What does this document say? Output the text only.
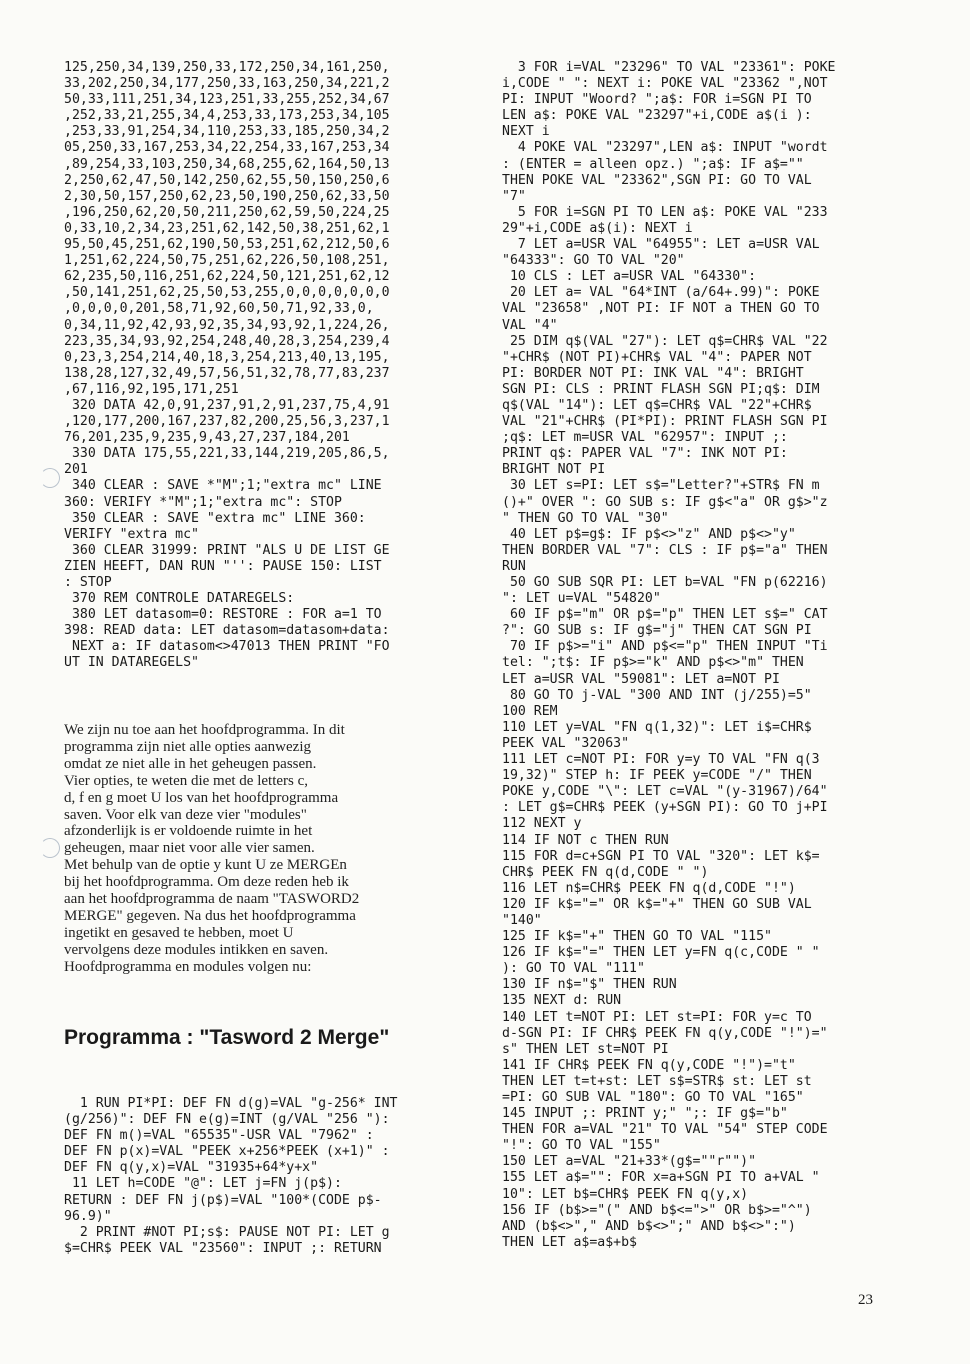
125,250,34,139,250,33,172,250,34,161,250,
33,202,250,34,177,250,33,163,250,34,221,2
50,33,111,251,34,123,251,33,255,252,34,67
,252,33,21,255,34,4,253,33,173,253,34,105
,253,33,91,254,34,110,253,33,185,250,34,2
05,250,33,167,253,34,22,254,33,167,253,34
,89,254,33,103,250,34,68,255,62,164,50,13
2,250,62,47,50,142,250,62,55,50,150,250,6
2,30,50,157,250,62,23,50,190,250,62,33,50
,196,250,62,20,50,211,250,62,59,50,224,25
0,33,10,2,34,23,251,62,142,50,38,251,62,1
95,50,45,251,62,190,50,53,251,62,212,50,6
1,251,62,224,50,75,251,62,226,50,108,251,
62,235,50,116,251,62,224,50,121,251,62,12
,50,141,251,62,25,50,53,255,0,0,0,0,0,0,0
,0,0,0,0,201,58,71,92,60,50,71,92,33,0,
0,34,11,92,42,93,92,35,34,93,92,1,224,26,
223,35,34,93,92,254,248,40,28,3,254,239,4
0,23,3,254,214,40,18,3,254,213,40,13,195,
138,28,127,32,49,57,56,51,32,78,77,83,237
,67,116,92,195,171,251
320 DATA 42,0,91,237,91,2,91,237,75,4,91
,120,177,200,167,237,82,200,25,56,3,237,1
76,201,235,9,235,9,43,27,237,184,201
330 DATA 175,55,221,33,144,219,205,86,5,
201
340 CLEAR : SAVE *"M";1;"extra mc" LINE
360: VERIFY *"M";1;"extra mc": STOP
350 CLEAR : SAVE "extra mc" LINE 360:
VERIFY "extra mc"
360 CLEAR 31999: PRINT "ALS U DE LIST GE
ZIEN HEEFT, DAN RUN "'': PAUSE 150: LIST
: STOP
370 REM CONTROLE DATAREGELS:
380 LET datasom=0: RESTORE : FOR a=1 TO
398: READ data: LET datasom=datasom+data:
NEXT a: IF datasom<>47013 THEN PRINT "FO
UT IN DATAREGELS"
We zijn nu toe aan het hoofdprogramma. In dit
programma zijn niet alle opties aanwezig
omdat ze niet alle in het geheugen passen.
Vier opties, te weten die met de letters c,
d, f en g moet U los van het hoofdprogramma
saven. Voor elk van deze vier "modules"
afzonderlijk is er voldoende ruimte in het
geheugen, maar niet voor alle vier samen.
Met behulp van de optie y kunt U ze MERGEn
bij het hoofdprogramma. Om deze reden heb ik
aan het hoofdprogramma de naam "TASWORD2
MERGE" gegeven. Na dus het hoofdprogramma
ingetikt en gesaved te hebben, moet U
vervolgens deze modules intikken en saven.
Hoofdprogramma en modules volgen nu:
Programma : "Tasword 2 Merge"
1 RUN PI*PI: DEF FN d(g)=VAL "g-256* INT
(g/256)": DEF FN e(g)=INT (g/VAL "256 "):
DEF FN m()=VAL "65535"-USR VAL "7962" :
DEF FN p(x)=VAL "PEEK x+256*PEEK (x+1)" :
DEF FN q(y,x)=VAL "31935+64*y+x"
11 LET h=CODE "@": LET j=FN j(p$):
RETURN : DEF FN j(p$)=VAL "100*(CODE p$-
96.9)"
2 PRINT #NOT PI;s$: PAUSE NOT PI: LET g
$=CHR$ PEEK VAL "23560": INPUT ;: RETURN
3 FOR i=VAL "23296" TO VAL "23361": POKE
i,CODE " ": NEXT i: POKE VAL "23362 ",NOT
PI: INPUT "Woord? ";a$: FOR i=SGN PI TO
LEN a$: POKE VAL "23297"+i,CODE a$(i ):
NEXT i
4 POKE VAL "23297",LEN a$: INPUT "wordt
: (ENTER = alleen opz.) ";a$: IF a$=""
THEN POKE VAL "23362",SGN PI: GO TO VAL
"7"
5 FOR i=SGN PI TO LEN a$: POKE VAL "233
29"+i,CODE a$(i): NEXT i
7 LET a=USR VAL "64955": LET a=USR VAL
"64333": GO TO VAL "20"
10 CLS : LET a=USR VAL "64330":
20 LET a= VAL "64*INT (a/64+.99)": POKE
VAL "23658" ,NOT PI: IF NOT a THEN GO TO
VAL "4"
25 DIM q$(VAL "27"): LET q$=CHR$ VAL "22
"+CHR$ (NOT PI)+CHR$ VAL "4": PAPER NOT
PI: BORDER NOT PI: INK VAL "4": BRIGHT
SGN PI: CLS : PRINT FLASH SGN PI;q$: DIM
q$(VAL "14"): LET q$=CHR$ VAL "22"+CHR$
VAL "21"+CHR$ (PI*PI): PRINT FLASH SGN PI
;q$: LET m=USR VAL "62957": INPUT ;:
PRINT q$: PAPER VAL "7": INK NOT PI:
BRIGHT NOT PI
30 LET s=PI: LET s$="Letter?"+STR$ FN m
()+" OVER ": GO SUB s: IF g$<"a" OR g$>"z
" THEN GO TO VAL "30"
40 LET p$=g$: IF p$<>"z" AND p$<>"y"
THEN BORDER VAL "7": CLS : IF p$="a" THEN
RUN
50 GO SUB SQR PI: LET b=VAL "FN p(62216)
": LET u=VAL "54820"
60 IF p$="m" OR p$="p" THEN LET s$=" CAT
?": GO SUB s: IF g$="j" THEN CAT SGN PI
70 IF p$>="i" AND p$<="p" THEN INPUT "Ti
tel: ";t$: IF p$>="k" AND p$<>"m" THEN
LET a=USR VAL "59081": LET a=NOT PI
80 GO TO j-VAL "300 AND INT (j/255)=5"
100 REM
110 LET y=VAL "FN q(1,32)": LET i$=CHR$
PEEK VAL "32063"
111 LET c=NOT PI: FOR y=y TO VAL "FN q(3
19,32)" STEP h: IF PEEK y=CODE "/" THEN
POKE y,CODE "\": LET c=VAL "(y-31967)/64"
: LET g$=CHR$ PEEK (y+SGN PI): GO TO j+PI
112 NEXT y
114 IF NOT c THEN RUN
115 FOR d=c+SGN PI TO VAL "320": LET k$=
CHR$ PEEK FN q(d,CODE " ")
116 LET n$=CHR$ PEEK FN q(d,CODE "!")
120 IF k$="=" OR k$="+" THEN GO SUB VAL
"140"
125 IF k$="+" THEN GO TO VAL "115"
126 IF k$="=" THEN LET y=FN q(c,CODE " "
): GO TO VAL "111"
130 IF n$="$" THEN RUN
135 NEXT d: RUN
140 LET t=NOT PI: LET st=PI: FOR y=c TO
d-SGN PI: IF CHR$ PEEK FN q(y,CODE "!")="
s" THEN LET st=NOT PI
141 IF CHR$ PEEK FN q(y,CODE "!")="t"
THEN LET t=t+st: LET s$=STR$ st: LET st
=PI: GO SUB VAL "180": GO TO VAL "165"
145 INPUT ;: PRINT y;" ";: IF g$="b"
THEN FOR a=VAL "21" TO VAL "54" STEP CODE
"!": GO TO VAL "155"
150 LET a=VAL "21+33*(g$=""r"")"
155 LET a$="": FOR x=a+SGN PI TO a+VAL "
10": LET b$=CHR$ PEEK FN q(y,x)
156 IF (b$>="(" AND b$<=">" OR b$>="^")
AND (b$<>"," AND b$<>";" AND b$<>":")
THEN LET a$=a$+b$
23
